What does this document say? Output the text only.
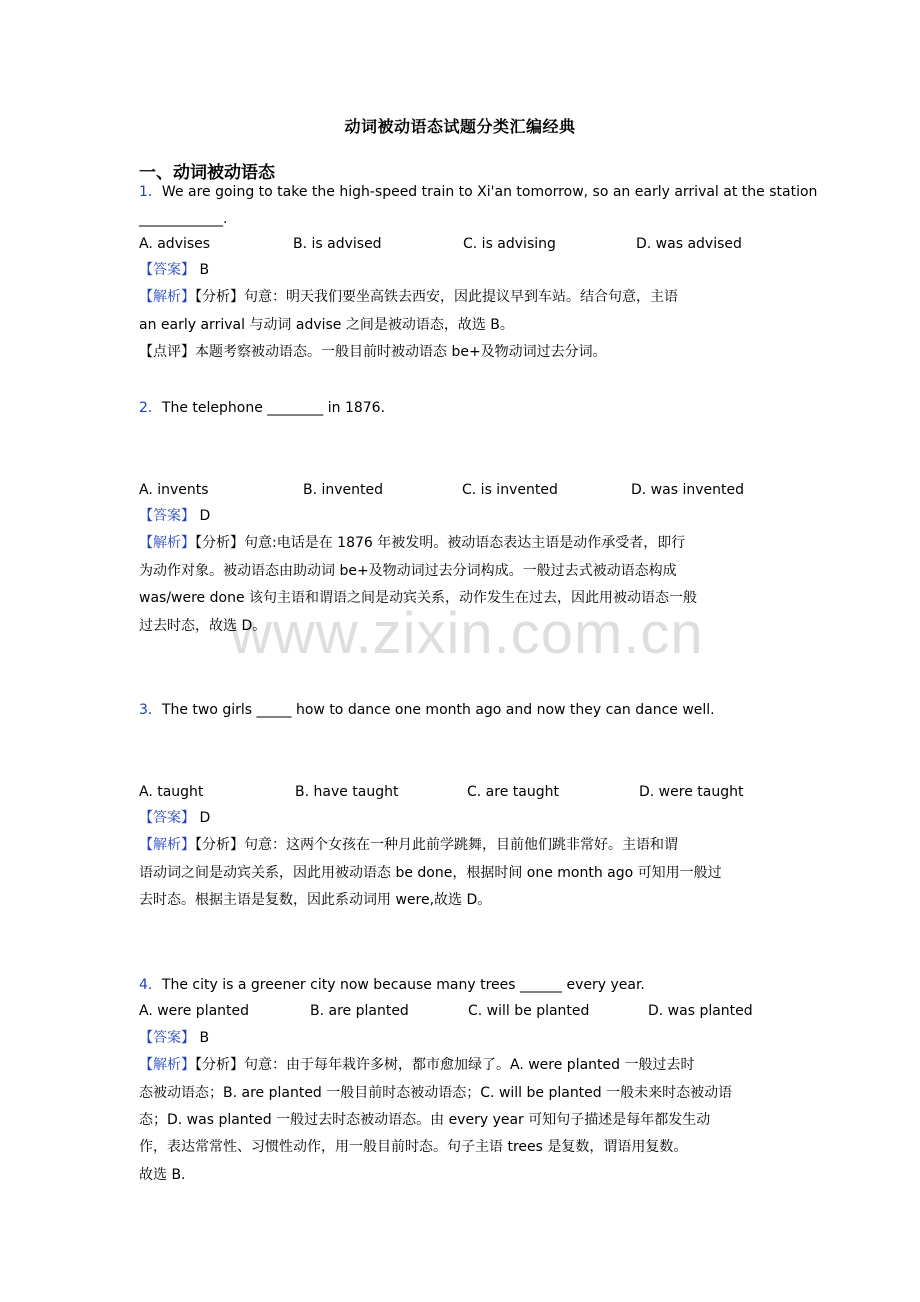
www.zixin.com.cn
动词被动语态试题分类汇编经典
一、动词被动语态
1．We are going to take the high-speed train to Xi'an tomorrow, so an early arrival at the station
____________.
A. advises	B. is advised	C. is advising	D. was advised
【答案】 B
【解析】【分析】句意：明天我们要坐高铁去西安，因此提议早到车站。结合句意，主语
an early arrival 与动词 advise 之间是被动语态，故选 B。
【点评】本题考察被动语态。一般目前时被动语态 be+及物动词过去分词。
2．The telephone ________ in 1876.
A. invents	B. invented	C. is invented	D. was invented
【答案】 D
【解析】【分析】句意:电话是在 1876 年被发明。被动语态表达主语是动作承受者，即行
为动作对象。被动语态由助动词 be+及物动词过去分词构成。一般过去式被动语态构成
was/were done 该句主语和谓语之间是动宾关系，动作发生在过去，因此用被动语态一般
过去时态，故选 D。
3．The two girls _____ how to dance one month ago and now they can dance well.
A. taught	B. have taught	C. are taught	D. were taught
【答案】 D
【解析】【分析】句意：这两个女孩在一种月此前学跳舞，目前他们跳非常好。主语和谓
语动词之间是动宾关系，因此用被动语态 be done，根据时间 one month ago 可知用一般过
去时态。根据主语是复数，因此系动词用 were,故选 D。
4．The city is a greener city now because many trees ______ every year.
A. were planted	B. are planted	C. will be planted	D. was planted
【答案】 B
【解析】【分析】句意：由于每年栽许多树，都市愈加绿了。A. were planted 一般过去时
态被动语态；B. are planted 一般目前时态被动语态；C. will be planted 一般未来时态被动语
态；D. was planted 一般过去时态被动语态。由 every year 可知句子描述是每年都发生动
作，表达常常性、习惯性动作，用一般目前时态。句子主语 trees 是复数，谓语用复数。
故选 B.
